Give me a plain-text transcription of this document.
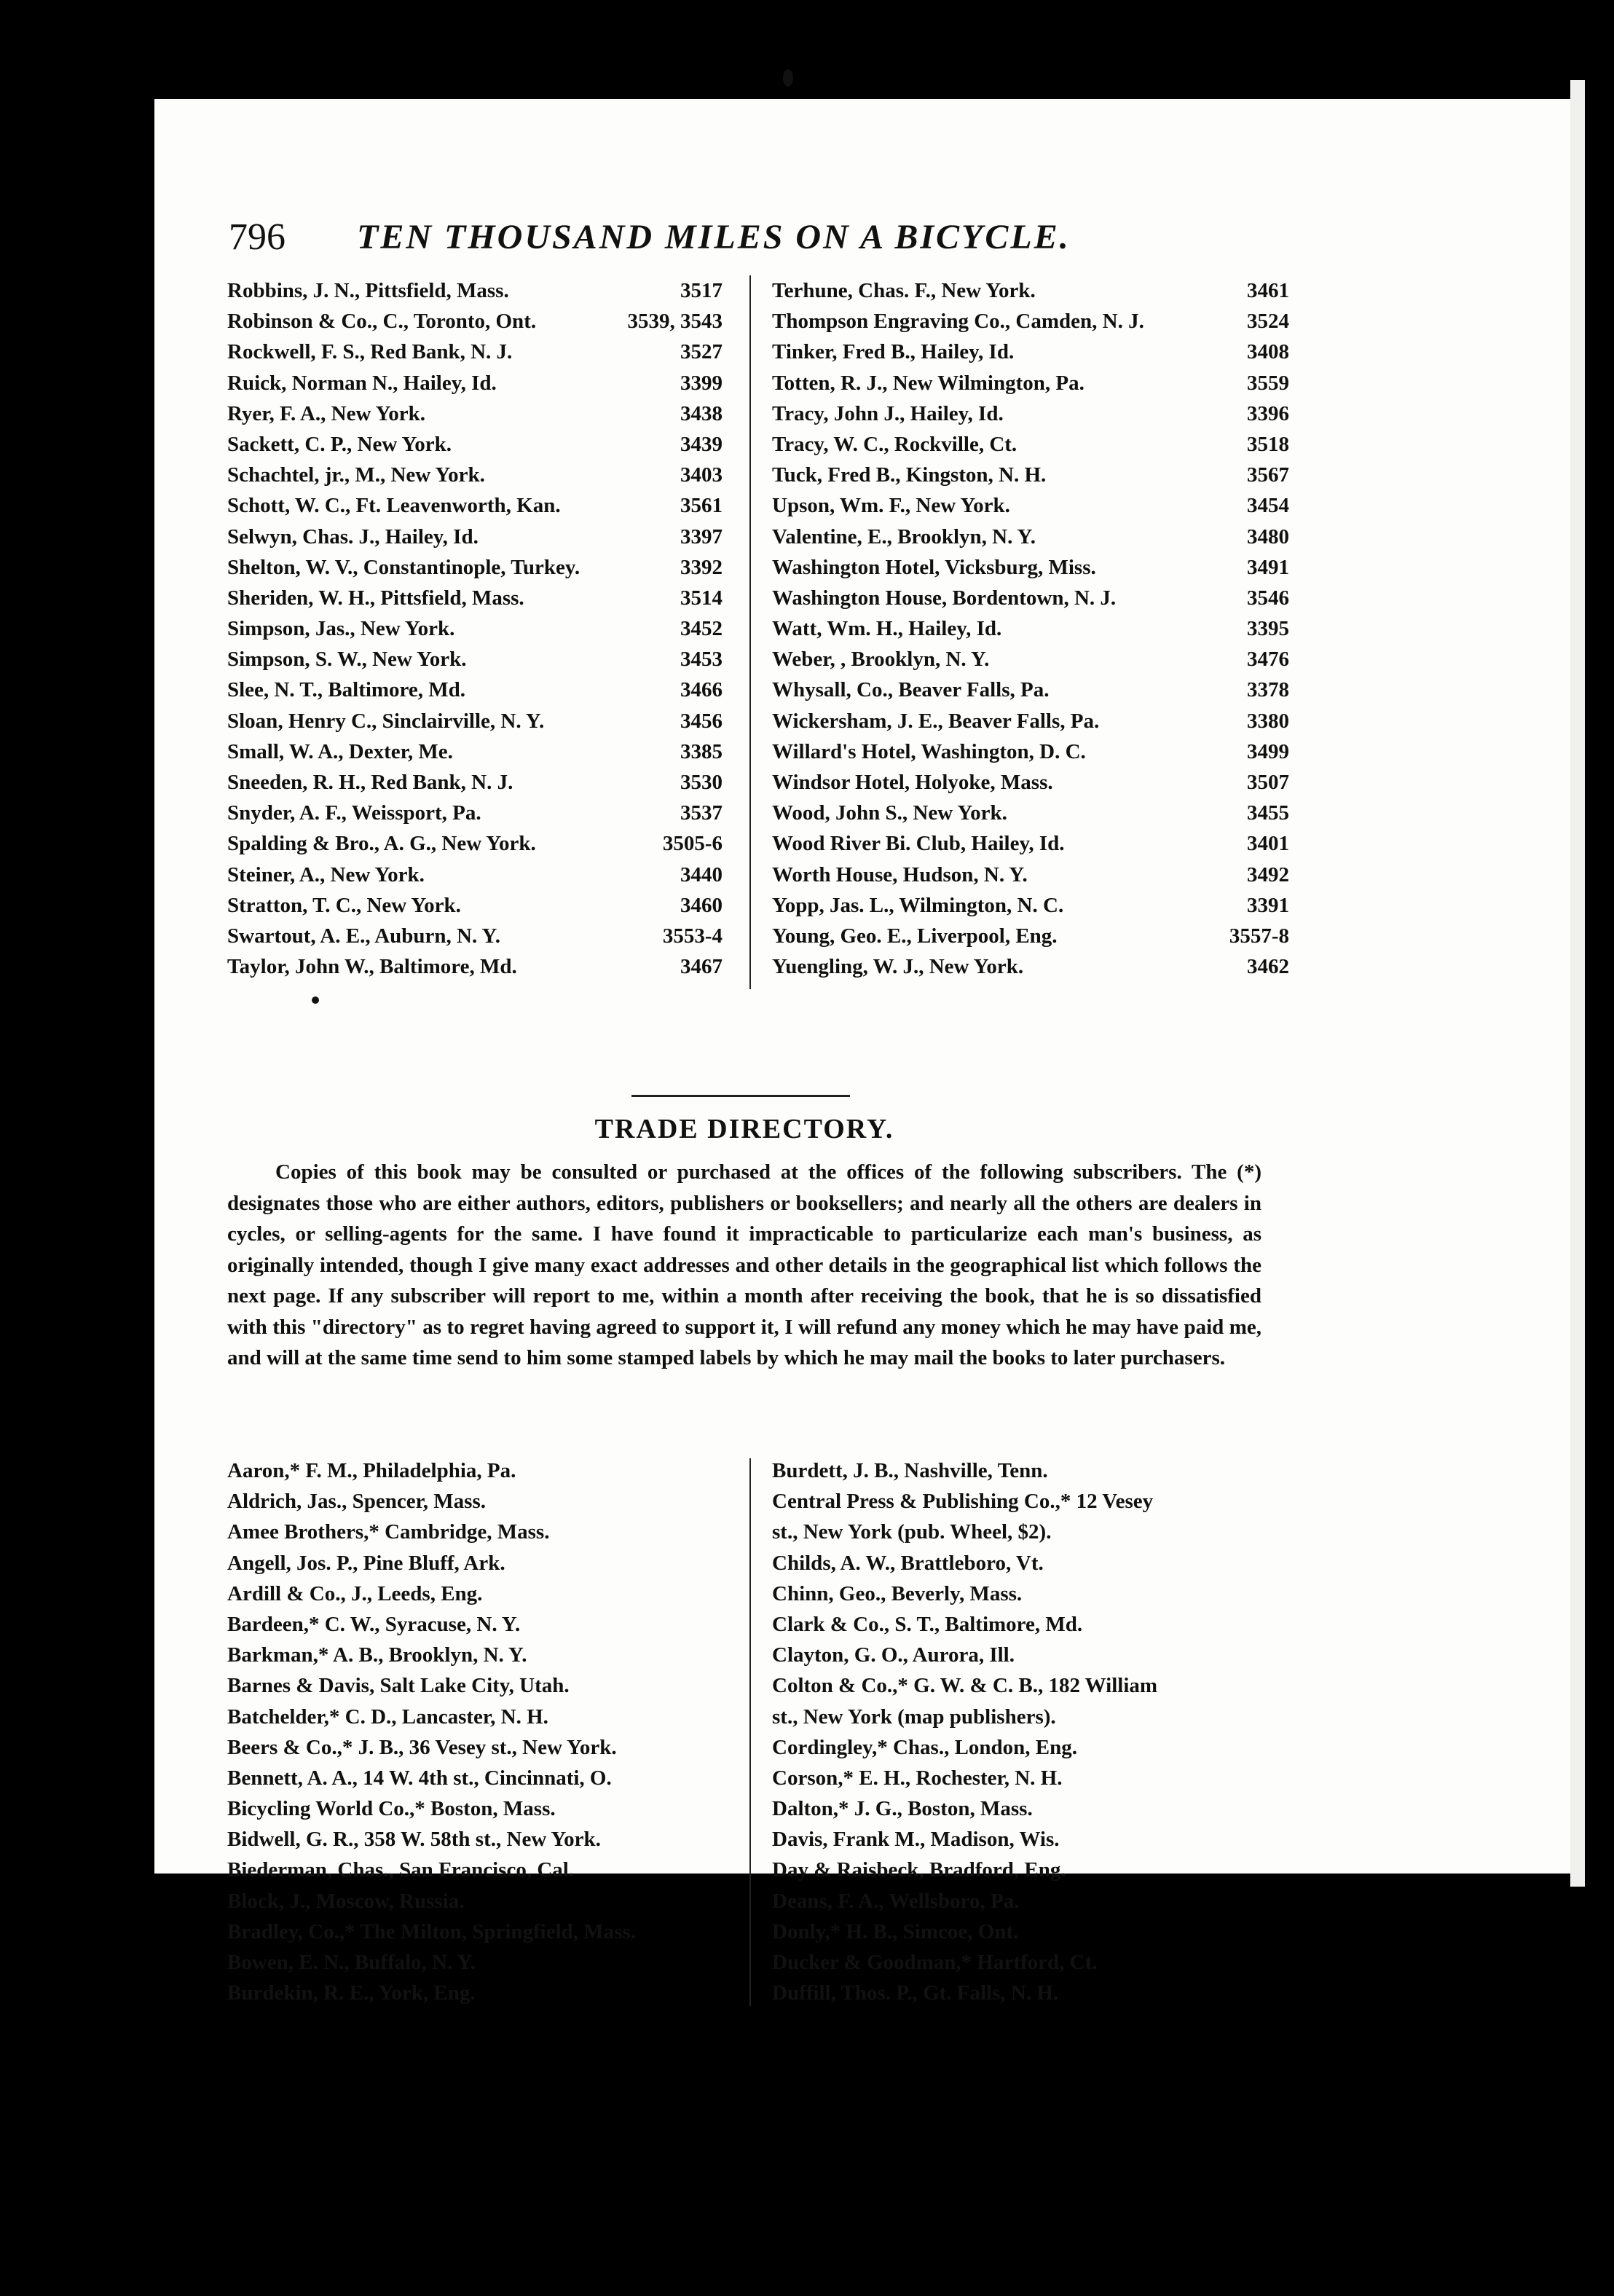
796 TEN THOUSAND MILES ON A BICYCLE.
Robbins, J. N., Pittsfield, Mass.	3517
Robinson & Co., C., Toronto, Ont.	3539, 3543
Rockwell, F. S., Red Bank, N. J.	3527
Ruick, Norman N., Hailey, Id.	3399
Ryer, F. A., New York.	3438
Sackett, C. P., New York.	3439
Schachtel, jr., M., New York.	3403
Schott, W. C., Ft. Leavenworth, Kan.	3561
Selwyn, Chas. J., Hailey, Id.	3397
Shelton, W. V., Constantinople, Turkey.	3392
Sheriden, W. H., Pittsfield, Mass.	3514
Simpson, Jas., New York.	3452
Simpson, S. W., New York.	3453
Slee, N. T., Baltimore, Md.	3466
Sloan, Henry C., Sinclairville, N. Y.	3456
Small, W. A., Dexter, Me.	3385
Sneeden, R. H., Red Bank, N. J.	3530
Snyder, A. F., Weissport, Pa.	3537
Spalding & Bro., A. G., New York.	3505-6
Steiner, A., New York.	3440
Stratton, T. C., New York.	3460
Swartout, A. E., Auburn, N. Y.	3553-4
Taylor, John W., Baltimore, Md.	3467
Terhune, Chas. F., New York.	3461
Thompson Engraving Co., Camden, N. J.	3524
Tinker, Fred B., Hailey, Id.	3408
Totten, R. J., New Wilmington, Pa.	3559
Tracy, John J., Hailey, Id.	3396
Tracy, W. C., Rockville, Ct.	3518
Tuck, Fred B., Kingston, N. H.	3567
Upson, Wm. F., New York.	3454
Valentine, E., Brooklyn, N. Y.	3480
Washington Hotel, Vicksburg, Miss.	3491
Washington House, Bordentown, N. J.	3546
Watt, Wm. H., Hailey, Id.	3395
Weber, , Brooklyn, N. Y.	3476
Whysall, Co., Beaver Falls, Pa.	3378
Wickersham, J. E., Beaver Falls, Pa.	3380
Willard's Hotel, Washington, D. C.	3499
Windsor Hotel, Holyoke, Mass.	3507
Wood, John S., New York.	3455
Wood River Bi. Club, Hailey, Id.	3401
Worth House, Hudson, N. Y.	3492
Yopp, Jas. L., Wilmington, N. C.	3391
Young, Geo. E., Liverpool, Eng.	3557-8
Yuengling, W. J., New York.	3462
TRADE DIRECTORY.
Copies of this book may be consulted or purchased at the offices of the following subscribers. The (*) designates those who are either authors, editors, publishers or booksellers; and nearly all the others are dealers in cycles, or selling-agents for the same. I have found it impracticable to particularize each man's business, as originally intended, though I give many exact addresses and other details in the geographical list which follows the next page. If any subscriber will report to me, within a month after receiving the book, that he is so dissatisfied with this "directory" as to regret having agreed to support it, I will refund any money which he may have paid me, and will at the same time send to him some stamped labels by which he may mail the books to later purchasers.
Aaron,* F. M., Philadelphia, Pa.
Aldrich, Jas., Spencer, Mass.
Amee Brothers,* Cambridge, Mass.
Angell, Jos. P., Pine Bluff, Ark.
Ardill & Co., J., Leeds, Eng.
Bardeen,* C. W., Syracuse, N. Y.
Barkman,* A. B., Brooklyn, N. Y.
Barnes & Davis, Salt Lake City, Utah.
Batchelder,* C. D., Lancaster, N. H.
Beers & Co.,* J. B., 36 Vesey st., New York.
Bennett, A. A., 14 W. 4th st., Cincinnati, O.
Bicycling World Co.,* Boston, Mass.
Bidwell, G. R., 358 W. 58th st., New York.
Biederman, Chas., San Francisco, Cal.
Block, J., Moscow, Russia.
Bradley, Co.,* The Milton, Springfield, Mass.
Bowen, E. N., Buffalo, N. Y.
Burdekin, R. E., York, Eng.
Burdett, J. B., Nashville, Tenn.
Central Press & Publishing Co.,* 12 Vesey
st., New York (pub. Wheel, $2).
Childs, A. W., Brattleboro, Vt.
Chinn, Geo., Beverly, Mass.
Clark & Co., S. T., Baltimore, Md.
Clayton, G. O., Aurora, Ill.
Colton & Co.,* G. W. & C. B., 182 William
st., New York (map publishers).
Cordingley,* Chas., London, Eng.
Corson,* E. H., Rochester, N. H.
Dalton,* J. G., Boston, Mass.
Davis, Frank M., Madison, Wis.
Day & Raisbeck, Bradford, Eng.
Deans, F. A., Wellsboro, Pa.
Donly,* H. B., Simcoe, Ont.
Ducker & Goodman,* Hartford, Ct.
Duffill, Thos. P., Gt. Falls, N. H.
